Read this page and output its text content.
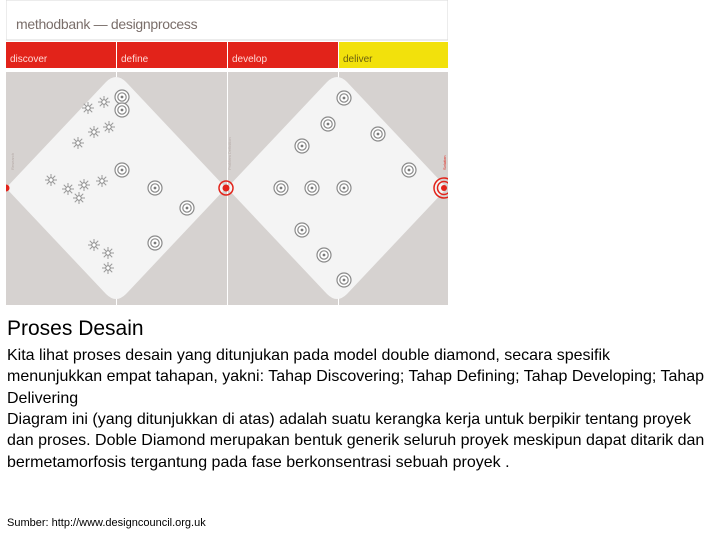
methodbank — designprocess
discover	define	develop	deliver
Research	Problem Definition	Solution
Proses Desain

Kita lihat proses desain yang ditunjukan pada model double diamond, secara spesifik menunjukkan empat tahapan, yakni: Tahap Discovering; Tahap Defining; Tahap Developing; Tahap Delivering

Diagram ini (yang ditunjukkan di atas) adalah suatu kerangka kerja untuk berpikir tentang proyek dan proses. Doble Diamond merupakan bentuk generik seluruh proyek meskipun dapat ditarik dan bermetamorfosis tergantung pada fase berkonsentrasi sebuah proyek .

Sumber: http://www.designcouncil.org.uk
